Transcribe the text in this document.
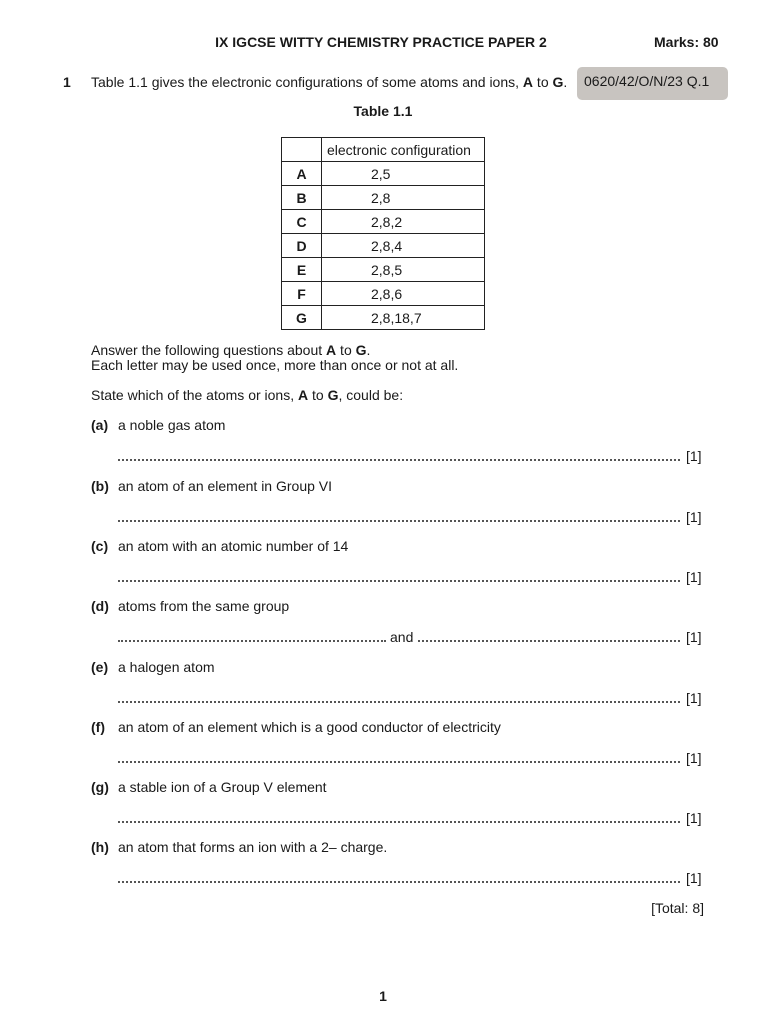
IX IGCSE WITTY CHEMISTRY PRACTICE PAPER 2	Marks: 80
1 Table 1.1 gives the electronic configurations of some atoms and ions, A to G.	0620/42/O/N/23 Q.1
Table 1.1
	electronic configuration
A	2,5
B	2,8
C	2,8,2
D	2,8,4
E	2,8,5
F	2,8,6
G	2,8,18,7
Answer the following questions about A to G.
Each letter may be used once, more than once or not at all.
State which of the atoms or ions, A to G, could be:
(a) a noble gas atom
[1]
(b) an atom of an element in Group VI
[1]
(c) an atom with an atomic number of 14
[1]
(d) atoms from the same group
and	[1]
(e) a halogen atom
[1]
(f) an atom of an element which is a good conductor of electricity
[1]
(g) a stable ion of a Group V element
[1]
(h) an atom that forms an ion with a 2– charge.
[1]
[Total: 8]
1
